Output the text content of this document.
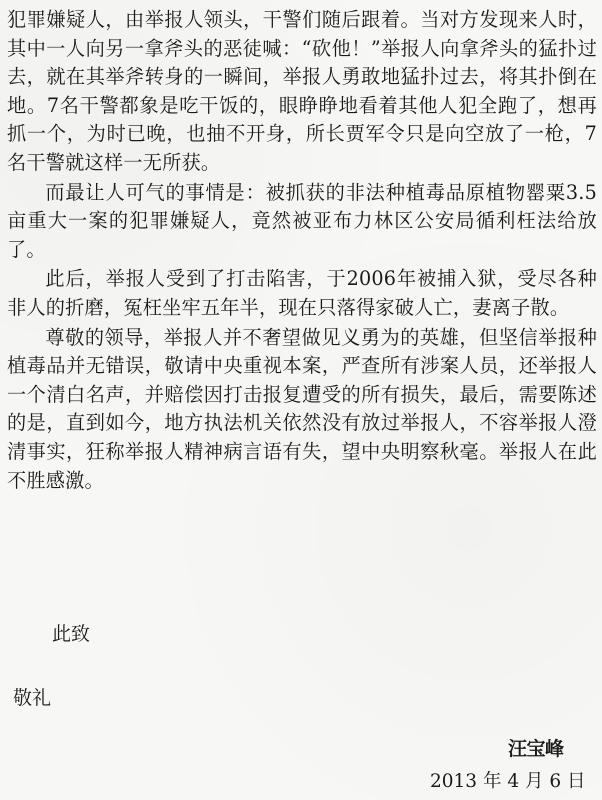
犯罪嫌疑人，由举报人领头，干警们随后跟着。当对方发现来人时，其中一人向另一拿斧头的恶徒喊：“砍他！”举报人向拿斧头的猛扑过去，就在其举斧转身的一瞬间，举报人勇敢地猛扑过去，将其扑倒在地。7名干警都象是吃干饭的，眼睁睁地看着其他人犯全跑了，想再抓一个，为时已晚，也抽不开身，所长贾军令只是向空放了一枪，7名干警就这样一无所获。

而最让人可气的事情是：被抓获的非法种植毒品原植物罂粟3.5亩重大一案的犯罪嫌疑人，竟然被亚布力林区公安局循利枉法给放了。

此后，举报人受到了打击陷害，于2006年被捕入狱，受尽各种非人的折磨，冤枉坐牢五年半，现在只落得家破人亡，妻离子散。

尊敬的领导，举报人并不奢望做见义勇为的英雄，但坚信举报种植毒品并无错误，敬请中央重视本案，严查所有涉案人员，还举报人一个清白名声，并赔偿因打击报复遭受的所有损失，最后，需要陈述的是，直到如今，地方执法机关依然没有放过举报人，不容举报人澄清事实，狂称举报人精神病言语有失，望中央明察秋毫。举报人在此不胜感激。

此致
敬礼
汪宝峰
2013 年 4 月 6 日
